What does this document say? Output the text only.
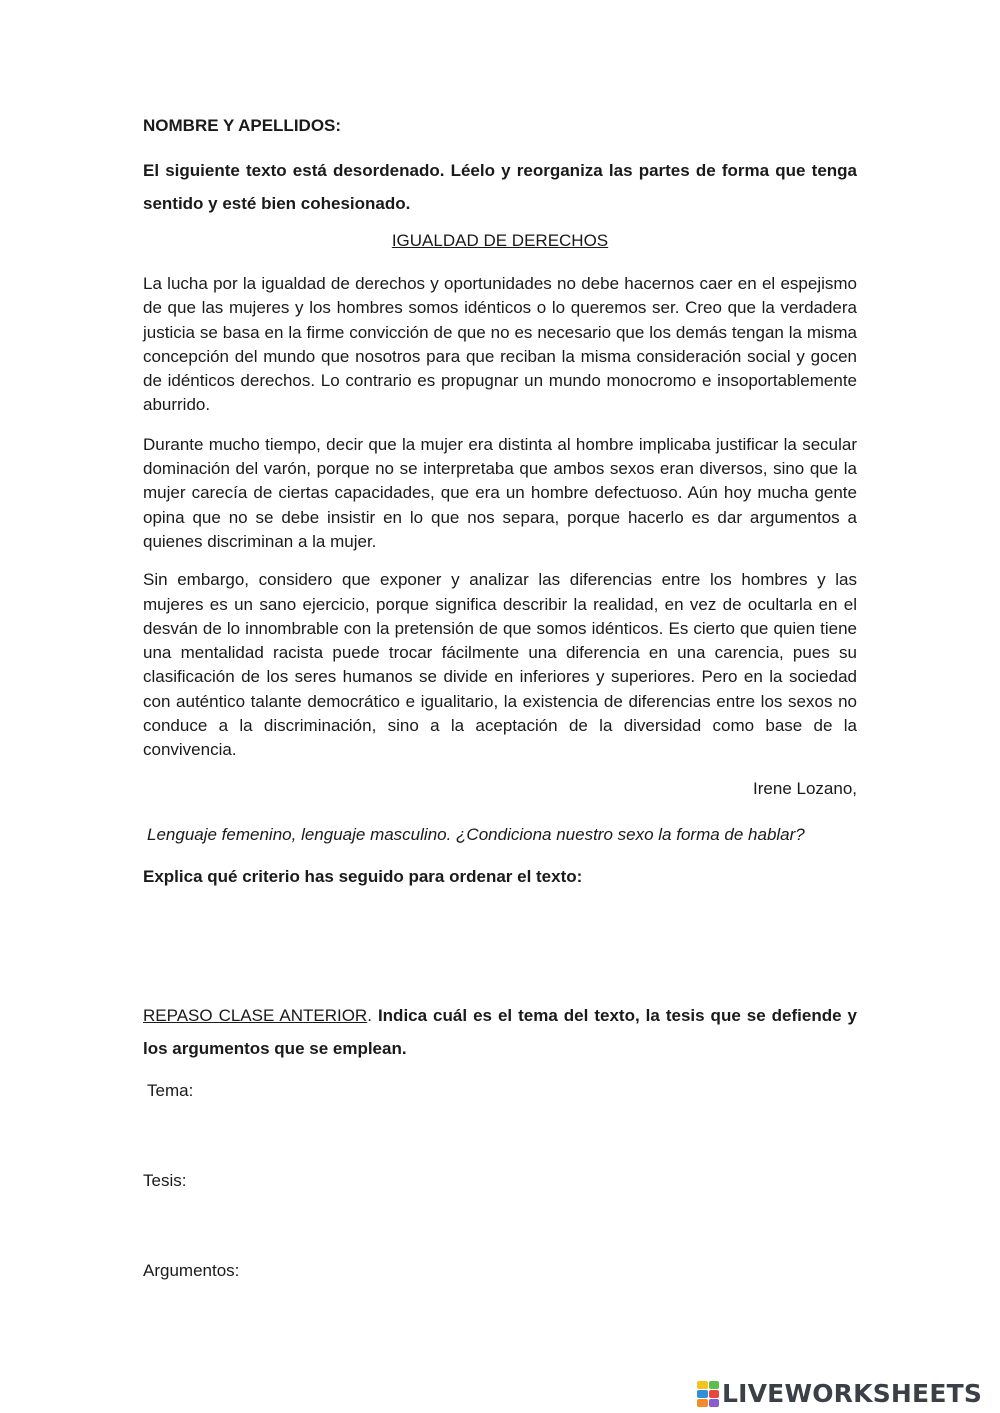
NOMBRE Y APELLIDOS:
El siguiente texto está desordenado. Léelo y reorganiza las partes de forma que tenga sentido y esté bien cohesionado.
IGUALDAD DE DERECHOS

La lucha por la igualdad de derechos y oportunidades no debe hacernos caer en el espejismo de que las mujeres y los hombres somos idénticos o lo queremos ser. Creo que la verdadera justicia se basa en la firme convicción de que no es necesario que los demás tengan la misma concepción del mundo que nosotros para que reciban la misma consideración social y gocen de idénticos derechos. Lo contrario es propugnar un mundo monocromo e insoportablemente aburrido.

Durante mucho tiempo, decir que la mujer era distinta al hombre implicaba justificar la secular dominación del varón, porque no se interpretaba que ambos sexos eran diversos, sino que la mujer carecía de ciertas capacidades, que era un hombre defectuoso. Aún hoy mucha gente opina que no se debe insistir en lo que nos separa, porque hacerlo es dar argumentos a quienes discriminan a la mujer.

Sin embargo, considero que exponer y analizar las diferencias entre los hombres y las mujeres es un sano ejercicio, porque significa describir la realidad, en vez de ocultarla en el desván de lo innombrable con la pretensión de que somos idénticos. Es cierto que quien tiene una mentalidad racista puede trocar fácilmente una diferencia en una carencia, pues su clasificación de los seres humanos se divide en inferiores y superiores. Pero en la sociedad con auténtico talante democrático e igualitario, la existencia de diferencias entre los sexos no conduce a la discriminación, sino a la aceptación de la diversidad como base de la convivencia.

Irene Lozano,
Lenguaje femenino, lenguaje masculino. ¿Condiciona nuestro sexo la forma de hablar?
Explica qué criterio has seguido para ordenar el texto:
REPASO CLASE ANTERIOR. Indica cuál es el tema del texto, la tesis que se defiende y los argumentos que se emplean.
Tema:
Tesis:
Argumentos:
LIVEWORKSHEETS
